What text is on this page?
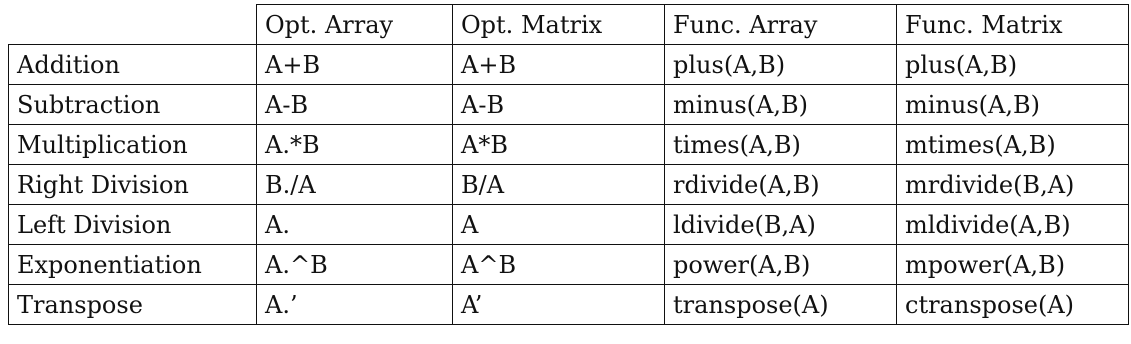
	Opt. Array	Opt. Matrix	Func. Array	Func. Matrix
Addition	A+B	A+B	plus(A,B)	plus(A,B)
Subtraction	A-B	A-B	minus(A,B)	minus(A,B)
Multiplication	A.*B	A*B	times(A,B)	mtimes(A,B)
Right Division	B./A	B/A	rdivide(A,B)	mrdivide(B,A)
Left Division	A.	A	ldivide(B,A)	mldivide(A,B)
Exponentiation	A.^B	A^B	power(A,B)	mpower(A,B)
Transpose	A.’	A’	transpose(A)	ctranspose(A)
